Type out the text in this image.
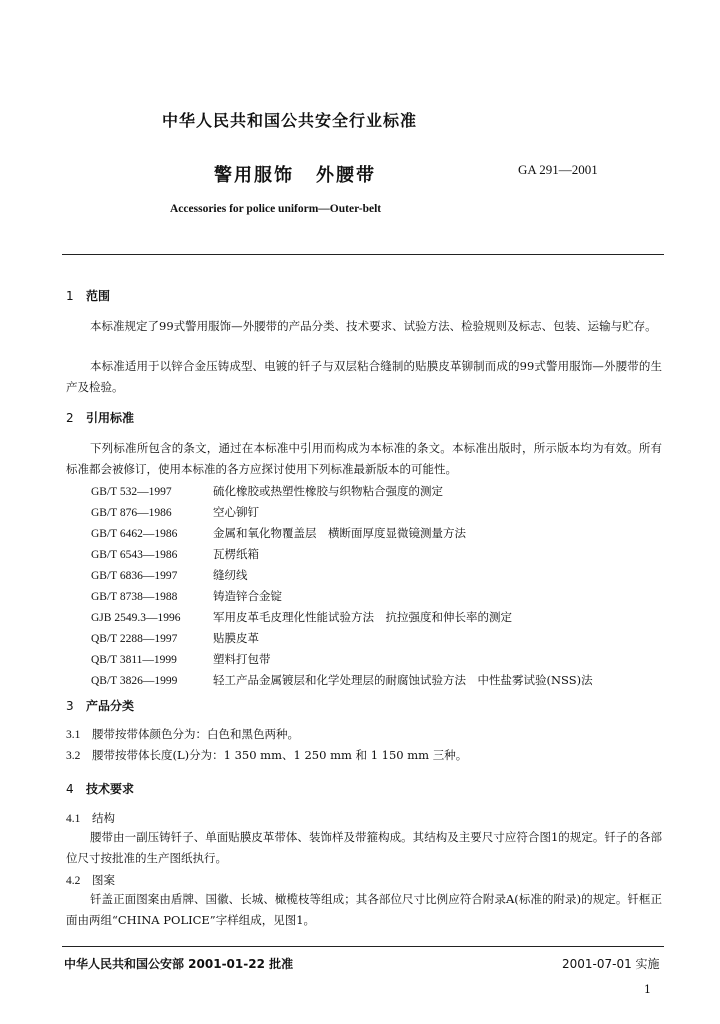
中华人民共和国公共安全行业标准
警用服饰 外腰带	GA 291—2001
Accessories for police uniform—Outer-belt
1 范围
本标准规定了99式警用服饰—外腰带的产品分类、技术要求、试验方法、检验规则及标志、包装、运输与贮存。
本标准适用于以锌合金压铸成型、电镀的钎子与双层粘合缝制的贴膜皮革铆制而成的99式警用服饰—外腰带的生产及检验。
2 引用标准
下列标准所包含的条文，通过在本标准中引用而构成为本标准的条文。本标准出版时，所示版本均为有效。所有标准都会被修订，使用本标准的各方应探讨使用下列标准最新版本的可能性。
GB/T 532—1997	硫化橡胶或热塑性橡胶与织物粘合强度的测定
GB/T 876—1986	空心铆钉
GB/T 6462—1986	金属和氧化物覆盖层　横断面厚度显微镜测量方法
GB/T 6543—1986	瓦楞纸箱
GB/T 6836—1997	缝纫线
GB/T 8738—1988	铸造锌合金锭
GJB 2549.3—1996	军用皮革毛皮理化性能试验方法　抗拉强度和伸长率的测定
QB/T 2288—1997	贴膜皮革
QB/T 3811—1999	塑料打包带
QB/T 3826—1999	轻工产品金属镀层和化学处理层的耐腐蚀试验方法　中性盐雾试验(NSS)法
3 产品分类
3.1 腰带按带体颜色分为：白色和黑色两种。
3.2 腰带按带体长度(L)分为：1 350 mm、1 250 mm 和 1 150 mm 三种。
4 技术要求
4.1 结构
腰带由一副压铸钎子、单面贴膜皮革带体、装饰样及带箍构成。其结构及主要尺寸应符合图1的规定。钎子的各部位尺寸按批准的生产图纸执行。
4.2 图案
钎盖正面图案由盾牌、国徽、长城、橄榄枝等组成；其各部位尺寸比例应符合附录A(标准的附录)的规定。钎框正面由两组“CHINA POLICE”字样组成，见图1。
中华人民共和国公安部 2001-01-22 批准	2001-07-01 实施
1
